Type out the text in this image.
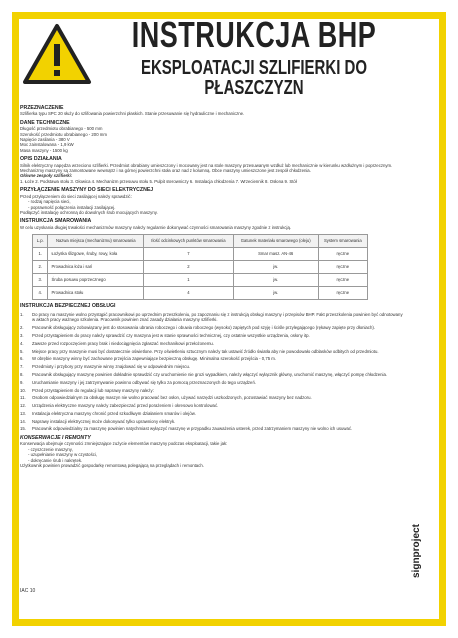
INSTRUKCJA BHP
EKSPLOATACJI SZLIFIERKI DO PŁASZCZYZN
PRZEZNACZENIE

Szlifierka typu SPC 20 służy do szlifowania powierzchni płaskich. Stanie przesuwanie się hydrauliczne i mechaniczne.

DANE TECHNICZNE

Długość przedmiotu obrabianego - 500 mm

Szerokość przedmiotu obrabianego - 200 mm

Napięcie zasilania - 380 V

Moc zainstalowana - 1,9 kW

Masa maszyny - 1500 kg

OPIS DZIAŁANIA

Silnik elektryczny napędza wrzeciono szlifierki. Przedmiot obrabiany umieszczony i mocowany jest na stole maszyny przesuwanym wzdłuż lub mechanicznie w kierunku wzdłużnym i poprzecznym. Mechanizmy maszyny są zamontowane wewnątrz i na górnej powierzchni stoła oraz nad z kolumną. Obce maszyny umieszczone jest zespół chłodzenia.

Główne zespoły szlifierki:

1. Łoże 2. Podstawa stołu 3. Głowica 4. Mechanizm przesuwu stołu 5. Pulpit sterowniczy 6. Instalacja chłodzenia 7. Wrzeciennik 8. Osłona 9. Stół

PRZYŁĄCZENIE MASZYNY DO SIECI ELEKTRYCZNEJ

Przed przyłączeniem do sieci zasilającej należy sprawdzić:

- rodzaj napięcia sieci,

- poprawność połączenia instalacji zasilającej.

Podłączyć instalację ochronną do dowolnych śrub mocujących maszyny.

INSTRUKCJA SMAROWANIA

W celu uzyskania długiej trwałości mechanizmów maszyny należy regularnie dokonywać czynności smarowania maszyny zgodnie z instrukcją.

L.p.	Nazwa miejsca (mechanizmu) smarowania	Ilość odcinkowych punktów smarowania	Gatunek materiału smarowego (oleju)	System smarowania
1.	Łożyska ślizgowe, śruby, rowy, koła	7	Smar masz. AN-46	ręczne
2.	Prowadnica łoża i sań	2	jw.	ręczne
3.	Śruba posuwu poprzecznego	1	jw.	ręczne
4.	Prowadnica stołu	4	jw.	ręczne
INSTRUKCJA BEZPIECZNEJ OBSŁUGI
1.	Do pracy na maszynie wolno przystąpić pracownikowi po uprzednim przeszkoleniu, po zapoznaniu się z instrukcją obsługi maszyny i przepisów BHP. Fakt przeszkolenia powinien być odnotowany w aktach pracy ważnego szkolenia. Pracownik powinien znać zasady działania maszyny szlifierki.
2.	Pracownik obsługujący zobowiązany jest do stosowania ubrania roboczego i obuwia roboczego (wysoko) zapiętych pod szyję i ściśle przylegającego (rękawy zapięte przy dłoniach).
3.	Przed przystąpieniem do pracy należy sprawdzić czy maszyna jest w stanie sprawności technicznej, czy ostatnie wszystkie urządzenia, osłony itp.
4.	Zawsze przed rozpoczęciem pracy brak i niedociągnięcia zgłaszać mechanikowi przełożonemu.
5.	Miejsce pracy przy maszynie musi być dostatecznie oświetlone. Przy oświetleniu sztucznym należy tak ustawić źródło światła aby nie powodowało odblasków odbitych od przedmiotu.
6.	W obrębie maszyny winny być zachowane przejścia zapewniające bezpieczną obsługę. Minimalna szerokość przejścia - 0,75 m.
7.	Przedmioty i przybory przy maszynie winny znajdować się w odpowiednim miejscu.
8.	Pracownik obsługujący maszynę powinien dokładnie sprawdzić czy uruchomienie nie grozi wypadkiem, należy włączyć wyłącznik główny, uruchomić maszynę, włączyć pompę chłodzenia.
9.	Uruchamianie maszyny i jej zatrzymywanie powinno odbywać się tylko za pomocą przeznaczonych do tego urządzeń.
10.	Przed przystąpieniem do regulacji lub naprawy maszyny należy:
11.	Osobom odpowiedzialnym za obsługę maszyn nie wolno pracować bez osłon, używać narzędzi uszkodzonych, pozostawiać maszyny bez nadzoru.
12.	Urządzenia elektryczne maszyny należy zabezpieczać przed porażeniem i okresowo kontrolować.
13.	Instalacja elektryczna maszyny chronić przed szkodliwym działaniem smarów i olejów.
14.	Naprawy instalacji elektrycznej może dokonywać tylko uprawniony elektryk.
15.	Pracownik odpowiedzialny za maszynę powinien natychmiast wyłączyć maszynę w przypadku zauważenia usterek, przed zatrzymaniem maszyny nie wolno ich usuwać.
KONSERWACJE I REMONTY

Konserwacja obejmuje czynności zmniejszające zużycie elementów maszyny podczas eksploatacji, takie jak:

- czyszczenie maszyny,

- uzupełnianie maszyny w czystości,

- dokręcanie śrub i nakrętek.

Użytkownik powinien prowadzić gospodarkę remontową polegającą na przeglądach i remontach.

signproject
IAC 10
